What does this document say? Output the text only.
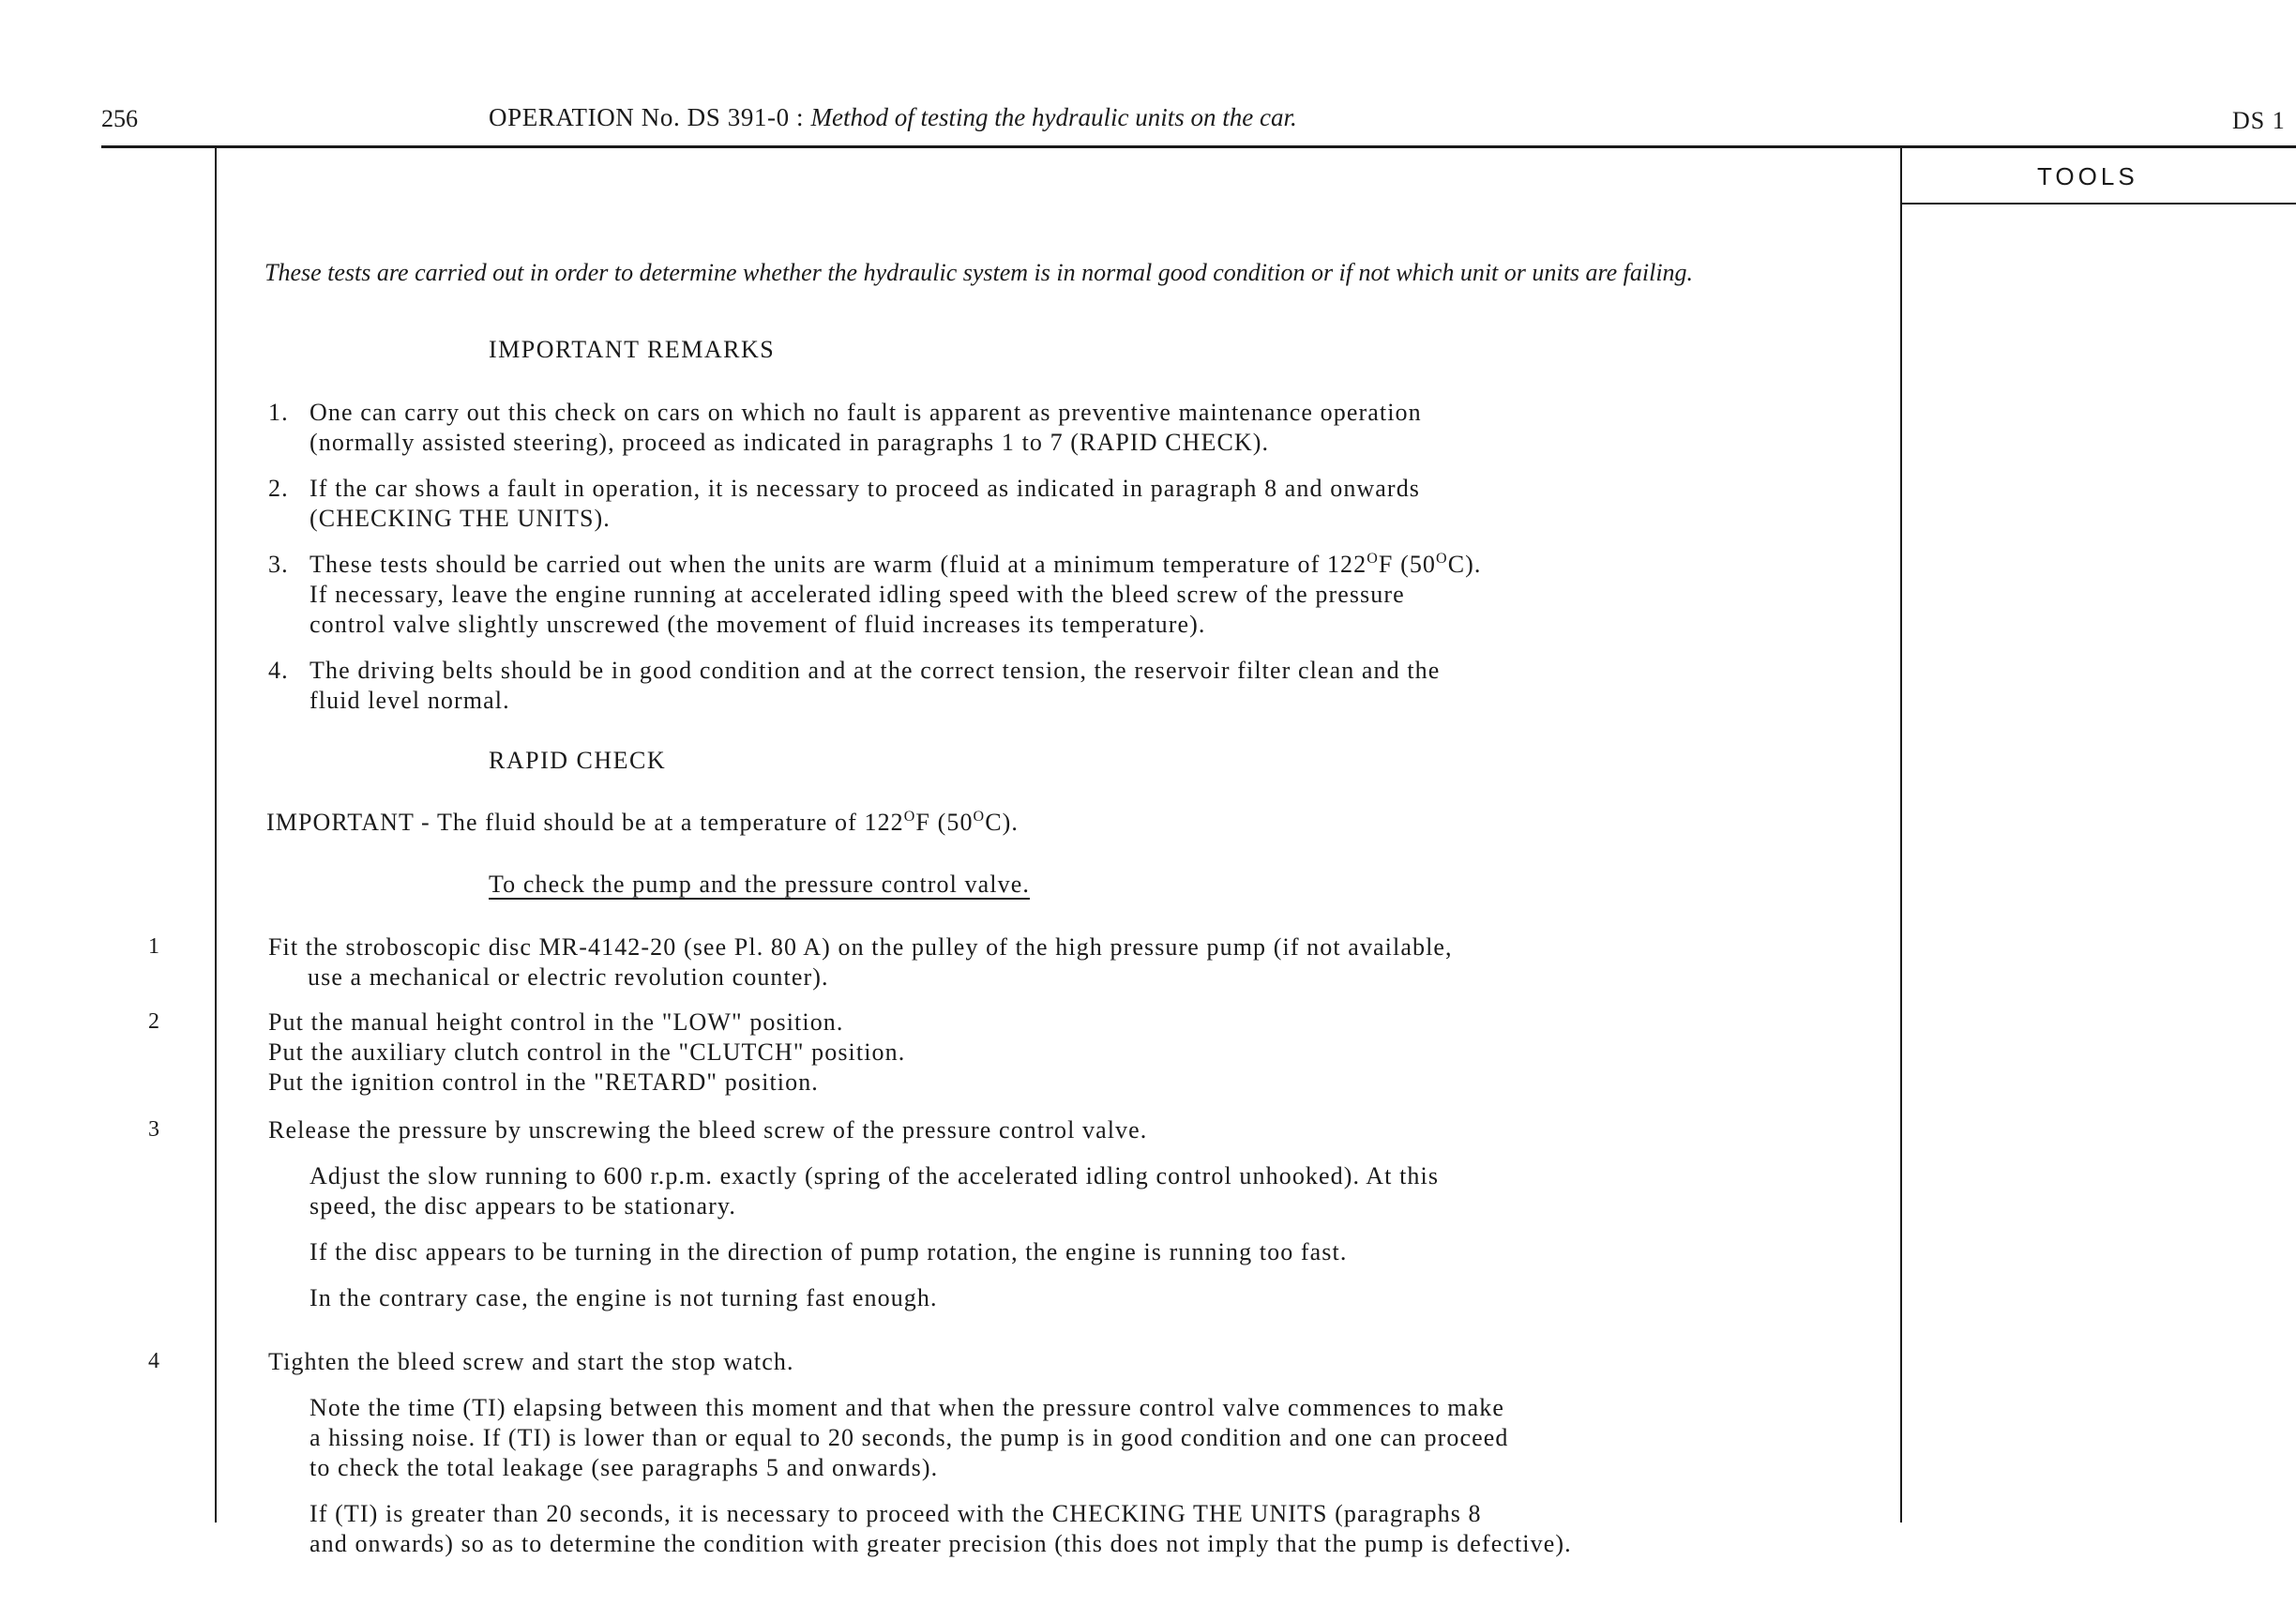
256	OPERATION No. DS 391-0 : Method of testing the hydraulic units on the car.	DS 1
TOOLS
These tests are carried out in order to determine whether the hydraulic system is in normal good condition or if not which unit or units are failing.
IMPORTANT REMARKS
1. One can carry out this check on cars on which no fault is apparent as preventive maintenance operation
(normally assisted steering), proceed as indicated in paragraphs 1 to 7 (RAPID CHECK).
2. If the car shows a fault in operation, it is necessary to proceed as indicated in paragraph 8 and onwards
(CHECKING THE UNITS).
3. These tests should be carried out when the units are warm (fluid at a minimum temperature of $122^OF$ $(50^OC)$.
If necessary, leave the engine running at accelerated idling speed with the bleed screw of the pressure
control valve slightly unscrewed (the movement of fluid increases its temperature).
4. The driving belts should be in good condition and at the correct tension, the reservoir filter clean and the
fluid level normal.
RAPID CHECK
IMPORTANT - The fluid should be at a temperature of $122^OF$ $(50^OC)$.
To check the pump and the pressure control valve.
1	Fit the stroboscopic disc MR-4142-20 (see Pl. 80 A) on the pulley of the high pressure pump (if not available,
use a mechanical or electric revolution counter).
2	Put the manual height control in the "LOW" position.
Put the auxiliary clutch control in the "CLUTCH" position.
Put the ignition control in the "RETARD" position.
3	Release the pressure by unscrewing the bleed screw of the pressure control valve.
Adjust the slow running to 600 r.p.m. exactly (spring of the accelerated idling control unhooked). At this
speed, the disc appears to be stationary.
If the disc appears to be turning in the direction of pump rotation, the engine is running too fast.
In the contrary case, the engine is not turning fast enough.
4	Tighten the bleed screw and start the stop watch.
Note the time (TI) elapsing between this moment and that when the pressure control valve commences to make
a hissing noise. If (TI) is lower than or equal to 20 seconds, the pump is in good condition and one can proceed
to check the total leakage (see paragraphs 5 and onwards).
If (TI) is greater than 20 seconds, it is necessary to proceed with the CHECKING THE UNITS (paragraphs 8
and onwards) so as to determine the condition with greater precision (this does not imply that the pump is defective).
